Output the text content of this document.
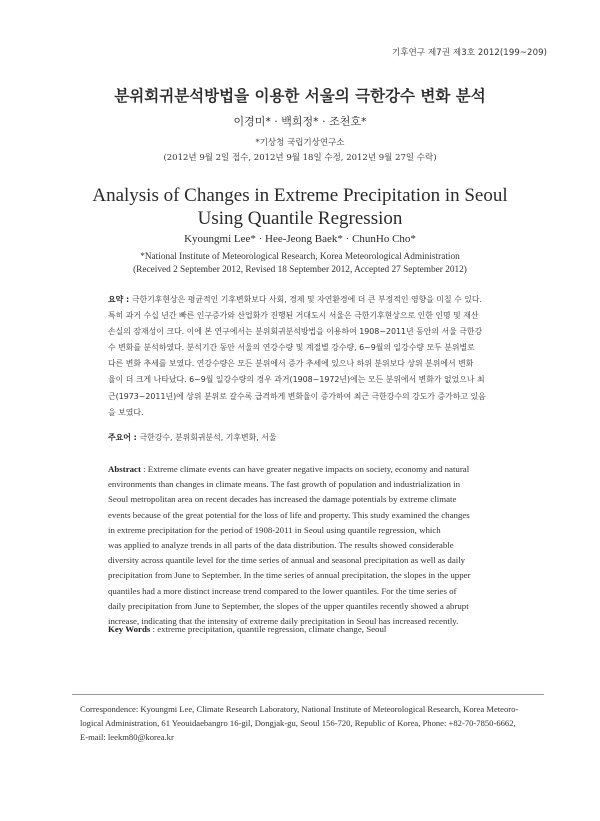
기후연구 제7권 제3호 2012(199~209)
분위회귀분석방법을 이용한 서울의 극한강수 변화 분석
이경미* · 백희정* · 조천호*
*기상청 국립기상연구소
(2012년 9월 2일 접수, 2012년 9월 18일 수정, 2012년 9월 27일 수락)
Analysis of Changes in Extreme Precipitation in Seoul
Using Quantile Regression
Kyoungmi Lee* · Hee-Jeong Baek* · ChunHo Cho*
*National Institute of Meteorological Research, Korea Meteorological Administration
(Received 2 September 2012, Revised 18 September 2012, Accepted 27 September 2012)
요약 : 극한기후현상은 평균적인 기후변화보다 사회, 경제 및 자연환경에 더 큰 부정적인 영향을 미칠 수 있다.
특히 과거 수십 년간 빠른 인구증가와 산업화가 진행된 거대도시 서울은 극한기후현상으로 인한 인명 및 재산
손실의 잠재성이 크다. 이에 본 연구에서는 분위회귀분석방법을 이용하여 1908~2011년 동안의 서울 극한강
수 변화를 분석하였다. 분석기간 동안 서울의 연강수량 및 계절별 강수량, 6~9월의 일강수량 모두 분위별로
다른 변화 추세를 보였다. 연강수량은 모든 분위에서 증가 추세에 있으나 하위 분위보다 상위 분위에서 변화
율이 더 크게 나타났다. 6~9월 일강수량의 경우 과거(1908~1972년)에는 모든 분위에서 변화가 없었으나 최
근(1973~2011년)에 상위 분위로 갈수록 급격하게 변화율이 증가하여 최근 극한강수의 강도가 증가하고 있음
을 보였다.
주요어 : 극한강수, 분위회귀분석, 기후변화, 서울
Abstract : Extreme climate events can have greater negative impacts on society, economy and natural
environments than changes in climate means. The fast growth of population and industrialization in
Seoul metropolitan area on recent decades has increased the damage potentials by extreme climate
events because of the great potential for the loss of life and property. This study examined the changes
in extreme precipitation for the period of 1908-2011 in Seoul using quantile regression, which
was applied to analyze trends in all parts of the data distribution. The results showed considerable
diversity across quantile level for the time series of annual and seasonal precipitation as well as daily
precipitation from June to September. In the time series of annual precipitation, the slopes in the upper
quantiles had a more distinct increase trend compared to the lower quantiles. For the time series of
daily precipitation from June to September, the slopes of the upper quantiles recently showed a abrupt
increase, indicating that the intensity of extreme daily precipitation in Seoul has increased recently.
Key Words : extreme precipitation, quantile regression, climate change, Seoul
Correspondence: Kyoungmi Lee, Climate Research Laboratory, National Institute of Meteorological Research, Korea Meteoro-
logical Administration, 61 Yeouidaebangro 16-gil, Dongjak-gu, Seoul 156-720, Republic of Korea, Phone: +82-70-7850-6662,
E-mail: leekm80@korea.kr
